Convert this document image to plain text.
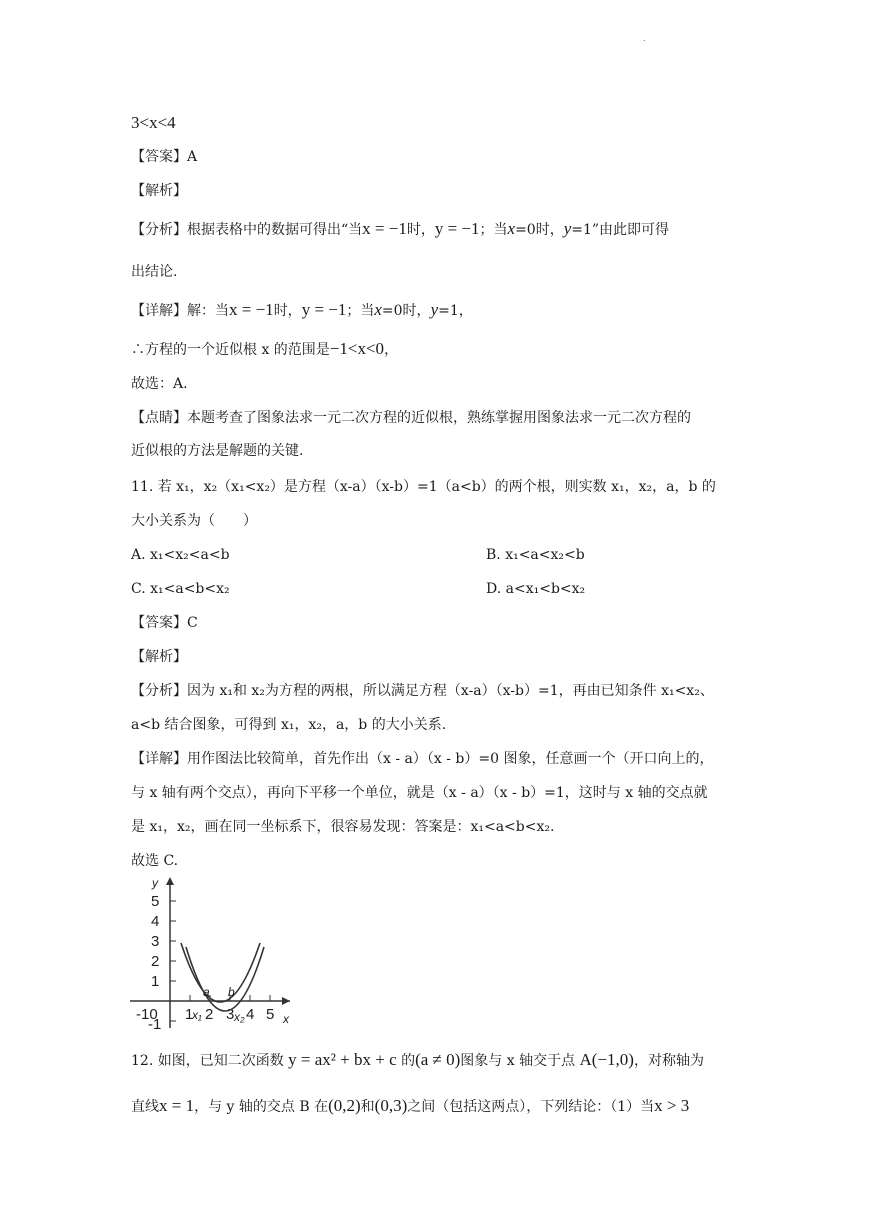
.
3<x<4
【答案】A
【解析】
【分析】根据表格中的数据可得出“当x = −1时，y = −1；当x=0时，y=1”由此即可得
出结论.
【详解】解：当x = −1时，y = −1；当x=0时，y=1，
∴方程的一个近似根 x 的范围是−1<x<0，
故选：A.
【点睛】本题考查了图象法求一元二次方程的近似根，熟练掌握用图象法求一元二次方程的
近似根的方法是解题的关键.
11. 若 x₁，x₂（x₁<x₂）是方程（x-a）（x-b）=1（a<b）的两个根，则实数 x₁，x₂，a，b 的
大小关系为（　　）
A. x₁<x₂<a<b	B. x₁<a<x₂<b
C. x₁<a<b<x₂	D. a<x₁<b<x₂
【答案】C
【解析】
【分析】因为 x₁和 x₂为方程的两根，所以满足方程（x-a）（x-b）=1，再由已知条件 x₁<x₂、
a<b 结合图象，可得到 x₁，x₂，a，b 的大小关系.
【详解】用作图法比较简单，首先作出（x - a）（x - b）=0 图象，任意画一个（开口向上的，
与 x 轴有两个交点），再向下平移一个单位，就是（x - a）（x - b）=1，这时与 x 轴的交点就
是 x₁，x₂，画在同一坐标系下，很容易发现：答案是：x₁<a<b<x₂.
故选 C.
y
x
5
4
3
2
1
-1
-10 1
x₁ 2 3 x₂ 4 5
a b
12. 如图，已知二次函数 y = ax² + bx + c 的(a ≠ 0)图象与 x 轴交于点 A(−1,0)，对称轴为
直线x = 1，与 y 轴的交点 B 在(0,2)和(0,3)之间（包括这两点），下列结论：（1）当x > 3
